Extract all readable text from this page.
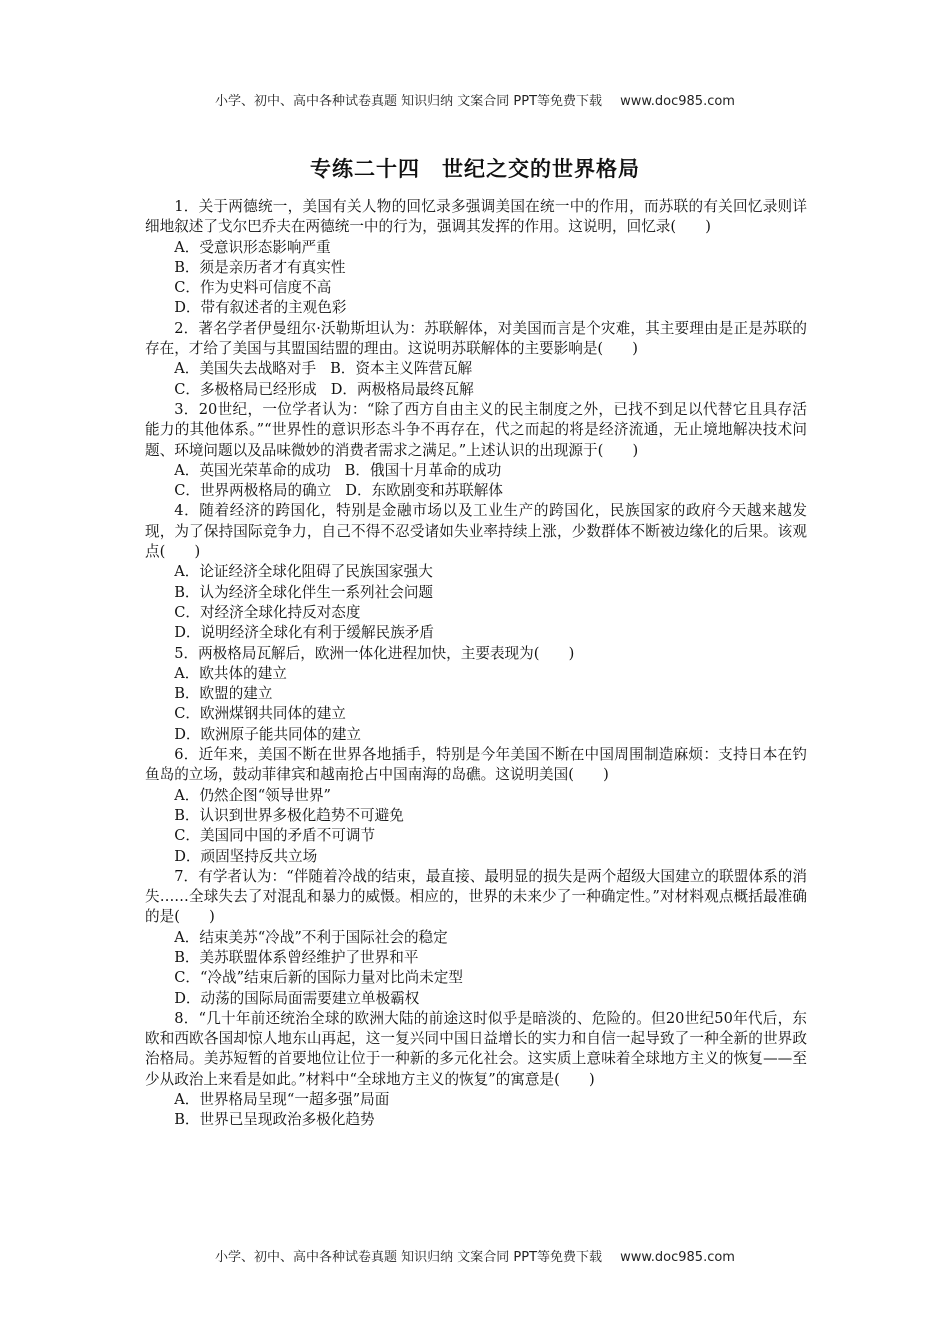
小学、初中、高中各种试卷真题 知识归纳 文案合同 PPT等免费下载 www.doc985.com
专练二十四　世纪之交的世界格局

1．关于两德统一，美国有关人物的回忆录多强调美国在统一中的作用，而苏联的有关回忆录则详细地叙述了戈尔巴乔夫在两德统一中的行为，强调其发挥的作用。这说明，回忆录(　　)

A．受意识形态影响严重

B．须是亲历者才有真实性

C．作为史料可信度不高

D．带有叙述者的主观色彩

2．著名学者伊曼纽尔·沃勒斯坦认为：苏联解体，对美国而言是个灾难，其主要理由是正是苏联的存在，才给了美国与其盟国结盟的理由。这说明苏联解体的主要影响是(　　)

A．美国失去战略对手 B．资本主义阵营瓦解

C．多极格局已经形成 D．两极格局最终瓦解

3．20世纪，一位学者认为：“除了西方自由主义的民主制度之外，已找不到足以代替它且具存活能力的其他体系。”“世界性的意识形态斗争不再存在，代之而起的将是经济流通，无止境地解决技术问题、环境问题以及品味微妙的消费者需求之满足。”上述认识的出现源于(　　)

A．英国光荣革命的成功 B．俄国十月革命的成功

C．世界两极格局的确立 D．东欧剧变和苏联解体

4．随着经济的跨国化，特别是金融市场以及工业生产的跨国化，民族国家的政府今天越来越发现，为了保持国际竞争力，自己不得不忍受诸如失业率持续上涨，少数群体不断被边缘化的后果。该观点(　　)

A．论证经济全球化阻碍了民族国家强大

B．认为经济全球化伴生一系列社会问题

C．对经济全球化持反对态度

D．说明经济全球化有利于缓解民族矛盾

5．两极格局瓦解后，欧洲一体化进程加快，主要表现为(　　)

A．欧共体的建立

B．欧盟的建立

C．欧洲煤钢共同体的建立

D．欧洲原子能共同体的建立

6．近年来，美国不断在世界各地插手，特别是今年美国不断在中国周围制造麻烦：支持日本在钓鱼岛的立场，鼓动菲律宾和越南抢占中国南海的岛礁。这说明美国(　　)

A．仍然企图“领导世界”

B．认识到世界多极化趋势不可避免

C．美国同中国的矛盾不可调节

D．顽固坚持反共立场

7．有学者认为：“伴随着冷战的结束，最直接、最明显的损失是两个超级大国建立的联盟体系的消失……全球失去了对混乱和暴力的威慑。相应的，世界的未来少了一种确定性。”对材料观点概括最准确的是(　　)

A．结束美苏“冷战”不利于国际社会的稳定

B．美苏联盟体系曾经维护了世界和平

C．“冷战”结束后新的国际力量对比尚未定型

D．动荡的国际局面需要建立单极霸权

8．“几十年前还统治全球的欧洲大陆的前途这时似乎是暗淡的、危险的。但20世纪50年代后，东欧和西欧各国却惊人地东山再起，这一复兴同中国日益增长的实力和自信一起导致了一种全新的世界政治格局。美苏短暂的首要地位让位于一种新的多元化社会。这实质上意味着全球地方主义的恢复——至少从政治上来看是如此。”材料中“全球地方主义的恢复”的寓意是(　　)

A．世界格局呈现“一超多强”局面

B．世界已呈现政治多极化趋势

小学、初中、高中各种试卷真题 知识归纳 文案合同 PPT等免费下载 www.doc985.com
